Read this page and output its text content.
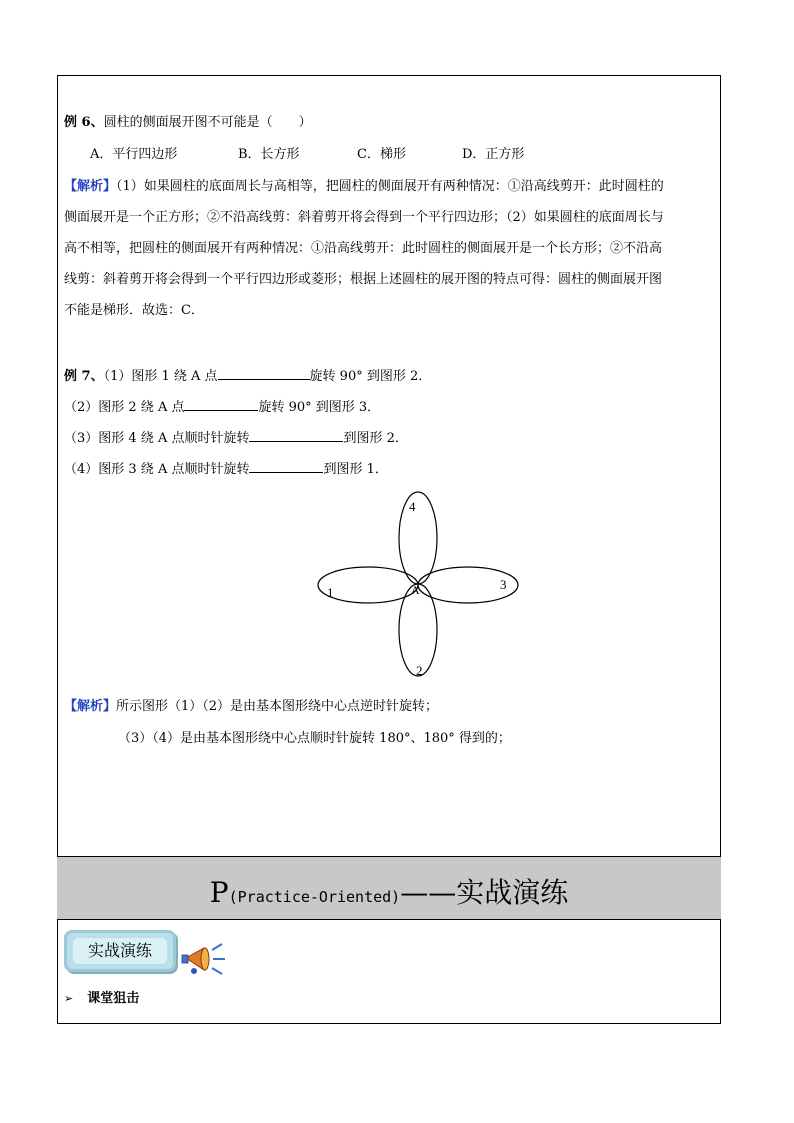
例 6、圆柱的侧面展开图不可能是（　　）
A．平行四边形	B．长方形	C．梯形	D．正方形
【解析】（1）如果圆柱的底面周长与高相等，把圆柱的侧面展开有两种情况：①沿高线剪开：此时圆柱的
侧面展开是一个正方形；②不沿高线剪：斜着剪开将会得到一个平行四边形；（2）如果圆柱的底面周长与
高不相等，把圆柱的侧面展开有两种情况：①沿高线剪开：此时圆柱的侧面展开是一个长方形；②不沿高
线剪：斜着剪开将会得到一个平行四边形或菱形；根据上述圆柱的展开图的特点可得：圆柱的侧面展开图
不能是梯形．故选：C．
例 7、（1）图形 1 绕 A 点	旋转 90° 到图形 2．
（2）图形 2 绕 A 点	旋转 90° 到图形 3．
（3）图形 4 绕 A 点顺时针旋转	到图形 2．
（4）图形 3 绕 A 点顺时针旋转	到图形 1．
4
3
1
2
A
【解析】所示图形（1）（2）是由基本图形绕中心点逆时针旋转；
（3）（4）是由基本图形绕中心点顺时针旋转 180°、180° 得到的；
P(Practice-Oriented)——实战演练
实战演练
➢ 课堂狙击
